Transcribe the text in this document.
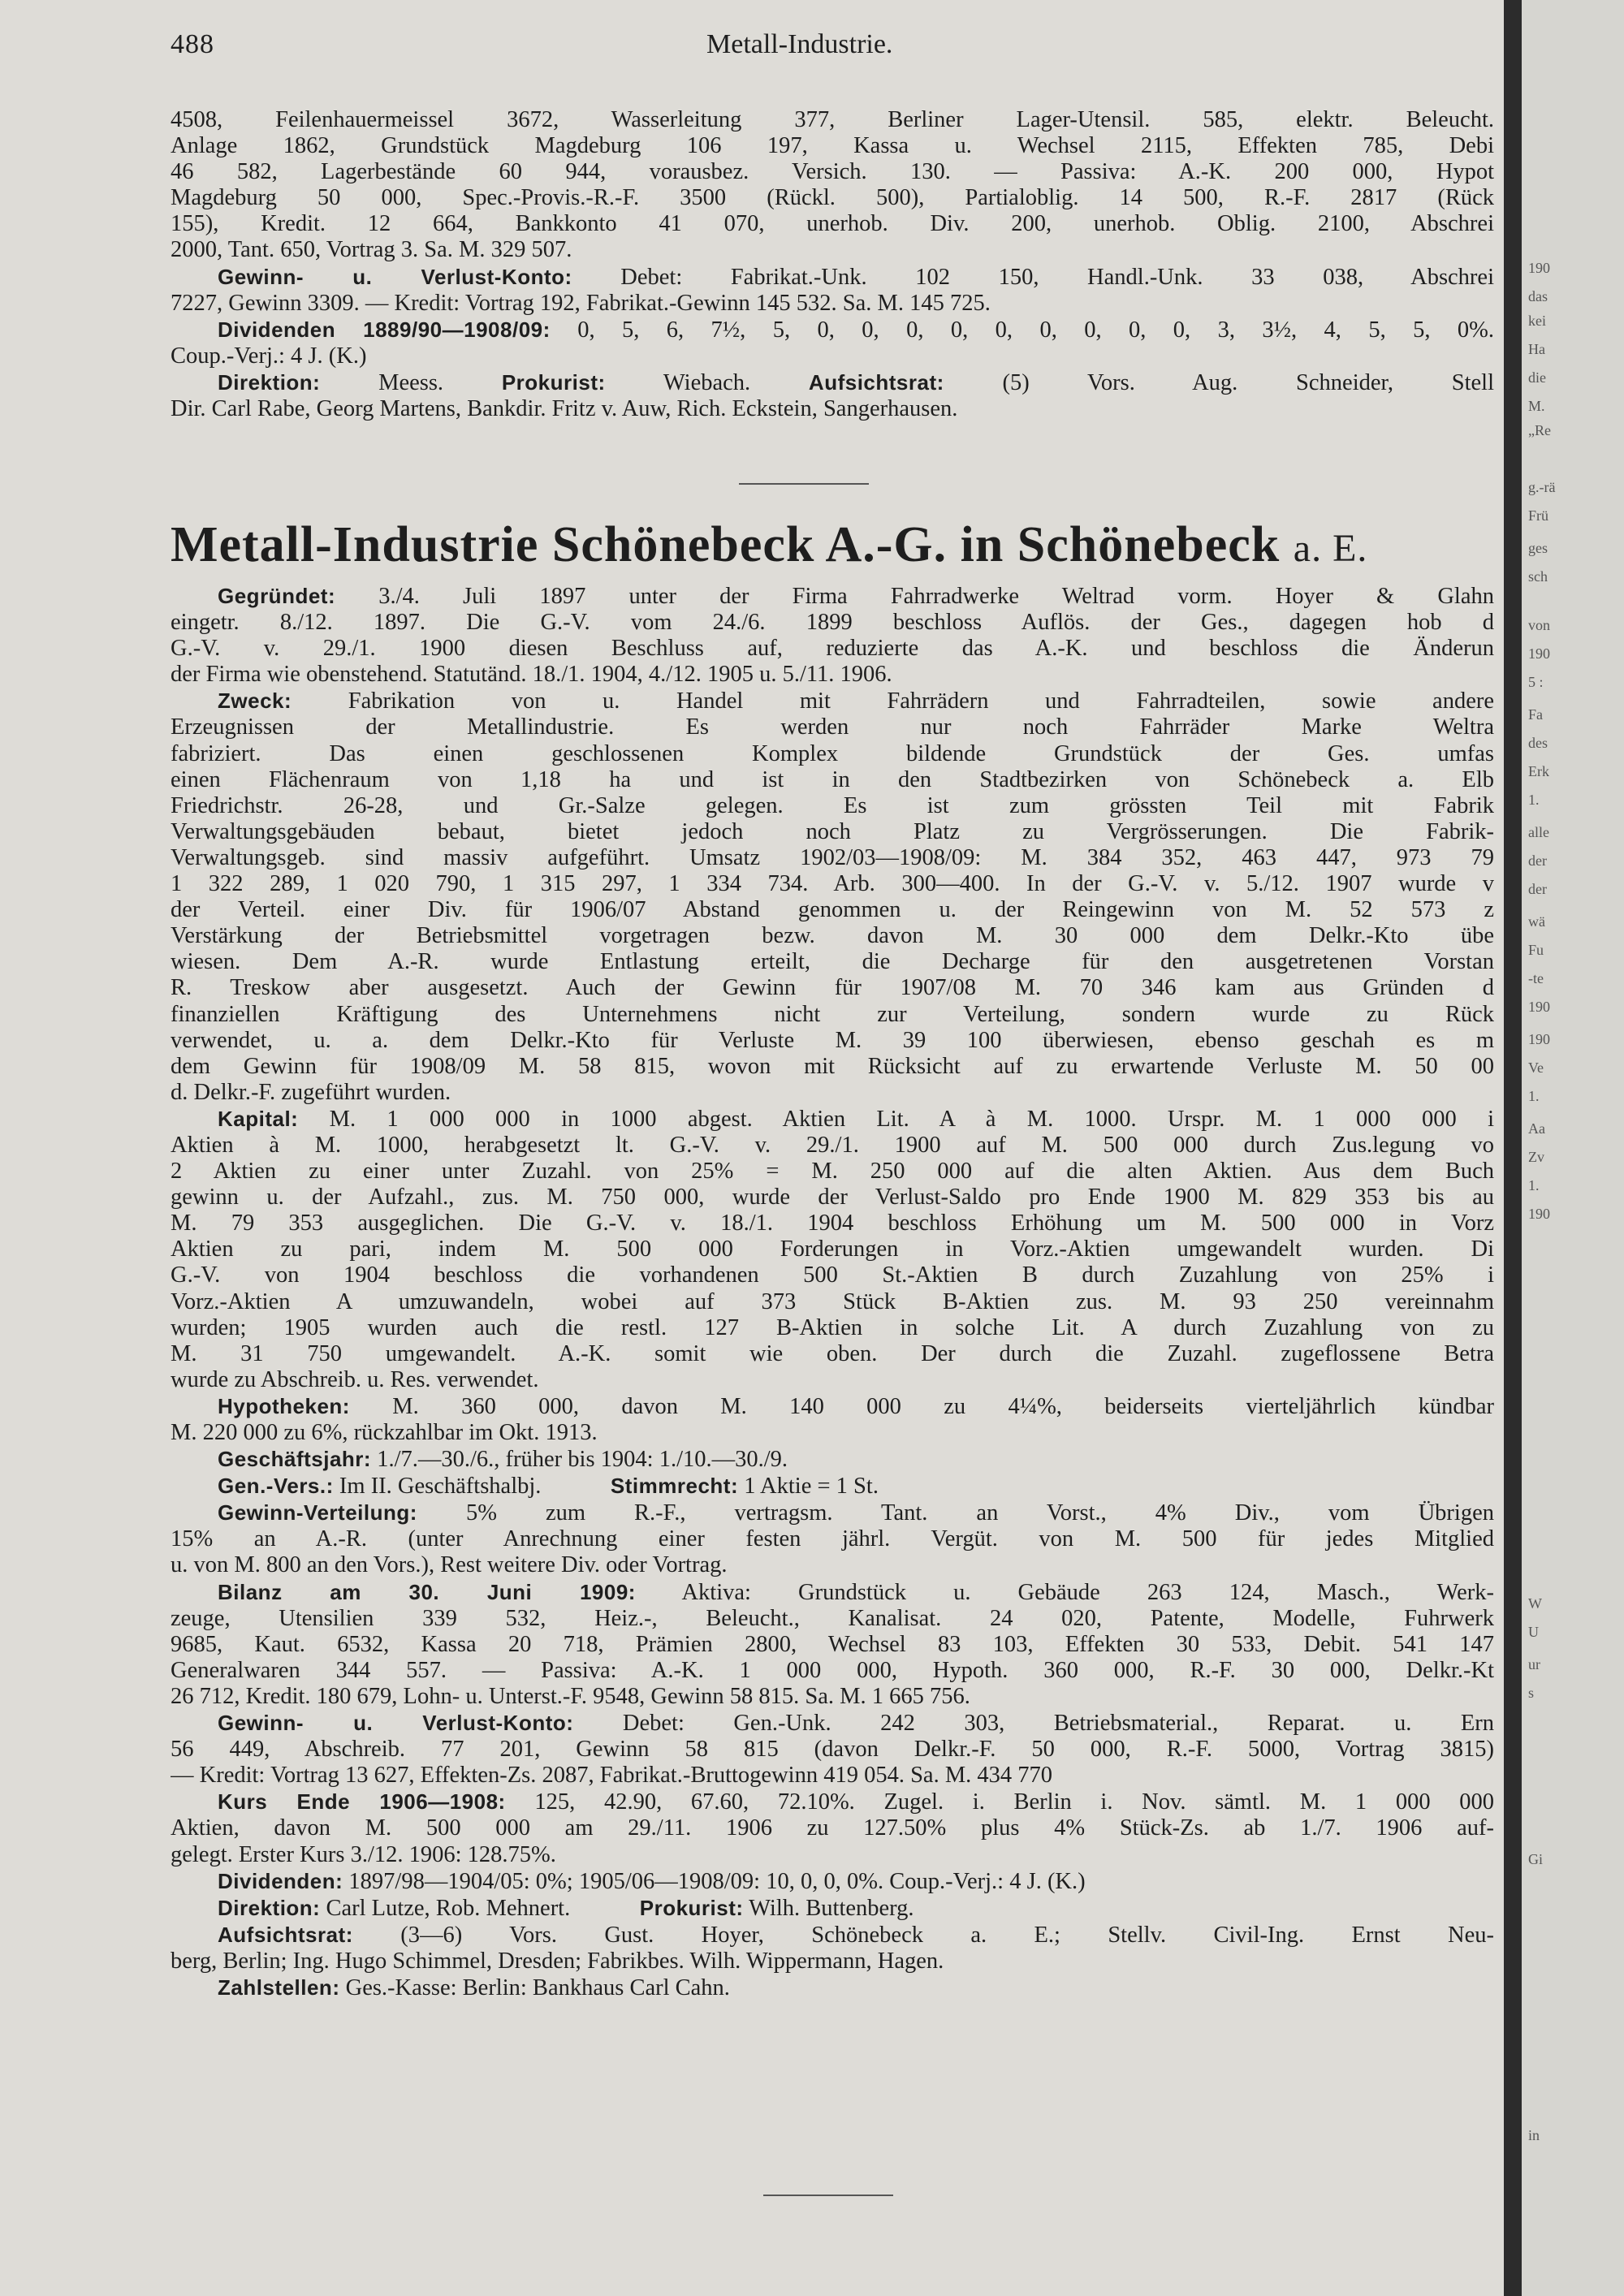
488	Metall-Industrie.
4508, Feilenhauermeissel 3672, Wasserleitung 377, Berliner Lager-Utensil. 585, elektr. Beleucht.
Anlage 1862, Grundstück Magdeburg 106 197, Kassa u. Wechsel 2115, Effekten 785, Debi
46 582, Lagerbestände 60 944, vorausbez. Versich. 130. — Passiva: A.-K. 200 000, Hypot
Magdeburg 50 000, Spec.-Provis.-R.-F. 3500 (Rückl. 500), Partialoblig. 14 500, R.-F. 2817 (Rück
155), Kredit. 12 664, Bankkonto 41 070, unerhob. Div. 200, unerhob. Oblig. 2100, Abschrei
2000, Tant. 650, Vortrag 3. Sa. M. 329 507.
Gewinn- u. Verlust-Konto: Debet: Fabrikat.-Unk. 102 150, Handl.-Unk. 33 038, Abschrei
7227, Gewinn 3309. — Kredit: Vortrag 192, Fabrikat.-Gewinn 145 532. Sa. M. 145 725.
Dividenden 1889/90—1908/09: 0, 5, 6, 7½, 5, 0, 0, 0, 0, 0, 0, 0, 0, 0, 3, 3½, 4, 5, 5, 0%.
Coup.-Verj.: 4 J. (K.)
Direktion:	Meess.	Prokurist:	Wiebach.	Aufsichtsrat:	(5) Vors. Aug. Schneider, Stell
Dir. Carl Rabe, Georg Martens, Bankdir. Fritz v. Auw, Rich. Eckstein, Sangerhausen.
Metall-Industrie Schönebeck A.-G. in Schönebeck a. E.
Gegründet: 3./4. Juli 1897 unter der Firma Fahrradwerke Weltrad vorm. Hoyer & Glahn
eingetr. 8./12. 1897. Die G.-V. vom 24./6. 1899 beschloss Auflös. der Ges., dagegen hob d
G.-V. v. 29./1. 1900 diesen Beschluss auf, reduzierte das A.-K. und beschloss die Änderun
der Firma wie obenstehend. Statutänd. 18./1. 1904, 4./12. 1905 u. 5./11. 1906.
Zweck: Fabrikation von u. Handel mit Fahrrädern und Fahrradteilen, sowie andere
Erzeugnissen der Metallindustrie. Es werden nur noch Fahrräder Marke Weltra
fabriziert. Das einen geschlossenen Komplex bildende Grundstück der Ges. umfas
einen Flächenraum von 1,18 ha und ist in den Stadtbezirken von Schönebeck a. Elb
Friedrichstr. 26-28, und Gr.-Salze gelegen. Es ist zum grössten Teil mit Fabrik
Verwaltungsgebäuden bebaut, bietet jedoch noch Platz zu Vergrösserungen. Die Fabrik-
Verwaltungsgeb. sind massiv aufgeführt. Umsatz 1902/03—1908/09: M. 384 352, 463 447, 973 79
1 322 289, 1 020 790, 1 315 297, 1 334 734. Arb. 300—400. In der G.-V. v. 5./12. 1907 wurde v
der Verteil. einer Div. für 1906/07 Abstand genommen u. der Reingewinn von M. 52 573 z
Verstärkung der Betriebsmittel vorgetragen bezw. davon M. 30 000 dem Delkr.-Kto übe
wiesen. Dem A.-R. wurde Entlastung erteilt, die Decharge für den ausgetretenen Vorstan
R. Treskow aber ausgesetzt. Auch der Gewinn für 1907/08 M. 70 346 kam aus Gründen d
finanziellen Kräftigung des Unternehmens nicht zur Verteilung, sondern wurde zu Rück
verwendet, u. a. dem Delkr.-Kto für Verluste M. 39 100 überwiesen, ebenso geschah es m
dem Gewinn für 1908/09 M. 58 815, wovon mit Rücksicht auf zu erwartende Verluste M. 50 00
d. Delkr.-F. zugeführt wurden.
Kapital: M. 1 000 000 in 1000 abgest. Aktien Lit. A à M. 1000. Urspr. M. 1 000 000 i
Aktien à M. 1000, herabgesetzt lt. G.-V. v. 29./1. 1900 auf M. 500 000 durch Zus.legung vo
2 Aktien zu einer unter Zuzahl. von 25% = M. 250 000 auf die alten Aktien. Aus dem Buch
gewinn u. der Aufzahl., zus. M. 750 000, wurde der Verlust-Saldo pro Ende 1900 M. 829 353 bis au
M. 79 353 ausgeglichen. Die G.-V. v. 18./1. 1904 beschloss Erhöhung um M. 500 000 in Vorz
Aktien zu pari, indem M. 500 000 Forderungen in Vorz.-Aktien umgewandelt wurden. Di
G.-V. von 1904 beschloss die vorhandenen 500 St.-Aktien B durch Zuzahlung von 25% i
Vorz.-Aktien A umzuwandeln, wobei auf 373 Stück B-Aktien zus. M. 93 250 vereinnahm
wurden; 1905 wurden auch die restl. 127 B-Aktien in solche Lit. A durch Zuzahlung von zu
M. 31 750 umgewandelt. A.-K. somit wie oben. Der durch die Zuzahl. zugeflossene Betra
wurde zu Abschreib. u. Res. verwendet.
Hypotheken: M. 360 000, davon M. 140 000 zu 4¼%, beiderseits vierteljährlich kündbar
M. 220 000 zu 6%, rückzahlbar im Okt. 1913.
Geschäftsjahr: 1./7.—30./6., früher bis 1904: 1./10.—30./9.
Gen.-Vers.: Im II. Geschäftshalbj.   	Stimmrecht: 1 Aktie = 1 St.
Gewinn-Verteilung: 5% zum R.-F., vertragsm. Tant. an Vorst., 4% Div., vom Übrigen
15% an A.-R. (unter Anrechnung einer festen jährl. Vergüt. von M. 500 für jedes Mitglied
u. von M. 800 an den Vors.), Rest weitere Div. oder Vortrag.
Bilanz am 30. Juni 1909: Aktiva: Grundstück u. Gebäude 263 124, Masch., Werk-
zeuge, Utensilien 339 532, Heiz.-, Beleucht., Kanalisat. 24 020, Patente, Modelle, Fuhrwerk
9685, Kaut. 6532, Kassa 20 718, Prämien 2800, Wechsel 83 103, Effekten 30 533, Debit. 541 147
Generalwaren 344 557. — Passiva: A.-K. 1 000 000, Hypoth. 360 000, R.-F. 30 000, Delkr.-Kt
26 712, Kredit. 180 679, Lohn- u. Unterst.-F. 9548, Gewinn 58 815. Sa. M. 1 665 756.
Gewinn- u. Verlust-Konto: Debet: Gen.-Unk. 242 303, Betriebsmaterial., Reparat. u. Ern
56 449, Abschreib. 77 201, Gewinn 58 815 (davon Delkr.-F. 50 000, R.-F. 5000, Vortrag 3815)
— Kredit: Vortrag 13 627, Effekten-Zs. 2087, Fabrikat.-Bruttogewinn 419 054. Sa. M. 434 770
Kurs Ende 1906—1908: 125, 42.90, 67.60, 72.10%. Zugel. i. Berlin i. Nov. sämtl. M. 1 000 000
Aktien, davon M. 500 000 am 29./11. 1906 zu 127.50% plus 4% Stück-Zs. ab 1./7. 1906 auf-
gelegt. Erster Kurs 3./12. 1906: 128.75%.
Dividenden: 1897/98—1904/05: 0%; 1905/06—1908/09: 10, 0, 0, 0%. Coup.-Verj.: 4 J. (K.)
Direktion: Carl Lutze, Rob. Mehnert.   	Prokurist: Wilh. Buttenberg.
Aufsichtsrat: (3—6) Vors. Gust. Hoyer, Schönebeck a. E.; Stellv. Civil-Ing. Ernst Neu-
berg, Berlin; Ing. Hugo Schimmel, Dresden; Fabrikbes. Wilh. Wippermann, Hagen.
Zahlstellen: Ges.-Kasse: Berlin: Bankhaus Carl Cahn.
190
das
kei
Ha
die
M.
„Re
g.-rä
Frü
ges
sch
von
190
5 :
Fa
des
Erk
1.
alle
der
der
wä
Fu
-te
190
190
Ve
1.
Aa
Zv
1.
190
W
U
ur
s
Gi
in
